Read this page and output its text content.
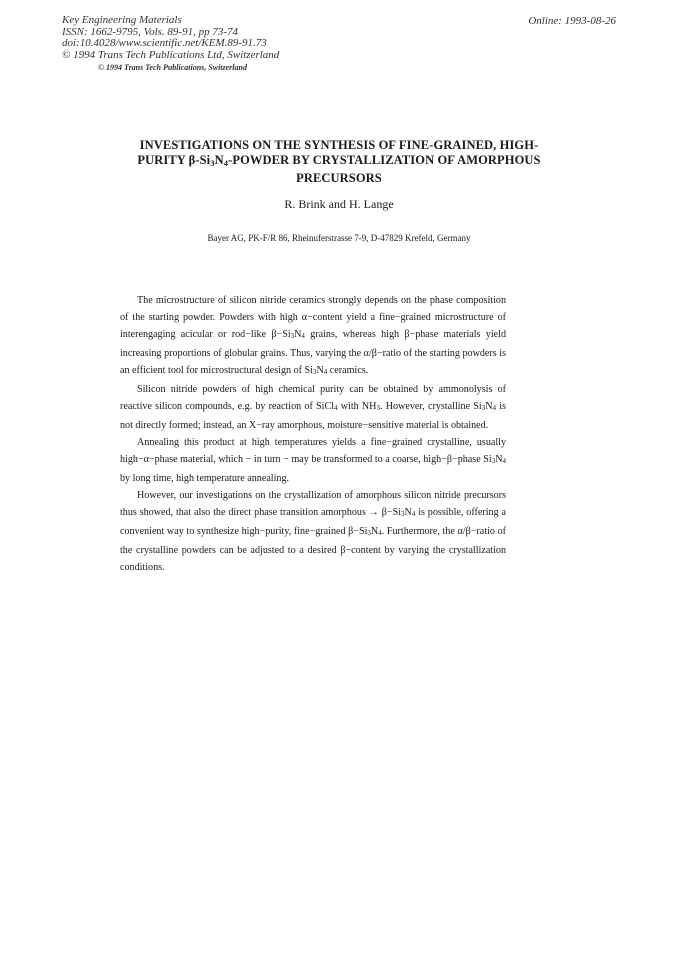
Key Engineering Materials
ISSN: 1662-9795, Vols. 89-91, pp 73-74
doi:10.4028/www.scientific.net/KEM.89-91.73
© 1994 Trans Tech Publications Ltd, Switzerland
© 1994 Trans Tech Publications, Switzerland
Online: 1993-08-26
INVESTIGATIONS ON THE SYNTHESIS OF FINE-GRAINED, HIGH-
PURITY $\beta-Si_3N_4$-POWDER BY CRYSTALLIZATION OF AMORPHOUS
PRECURSORS
R. Brink and H. Lange
Bayer AG, PK-F/R 86, Rheinuferstrasse 7-9, D-47829 Krefeld, Germany

The microstructure of silicon nitride ceramics strongly depends on the phase composition of the starting powder. Powders with high α−content yield a fine−grained microstructure of interengaging acicular or rod−like $\beta-Si_3N_4$ grains, whereas high β−phase materials yield increasing proportions of globular grains. Thus, varying the α/β−ratio of the starting powders is an efficient tool for microstructural design of $Si_3N_4$ ceramics.

Silicon nitride powders of high chemical purity can be obtained by ammonolysis of reactive silicon compounds, e.g. by reaction of SiCl$_4$ with $NH_3$. However, crystalline $Si_3N_4$ is not directly formed; instead, an X−ray amorphous, moisture−sensitive material is obtained.

Annealing this product at high temperatures yields a fine−grained crystalline, usually high−α−phase material, which − in turn − may be transformed to a coarse, high−β−phase $Si_3N_4$ by long time, high temperature annealing.

However, our investigations on the crystallization of amorphous silicon nitride precursors thus showed, that also the direct phase transition amorphous → $\beta-Si_3N_4$ is possible, offering a convenient way to synthesize high−purity, fine−grained $\beta-Si_3N_4$. Furthermore, the α/β−ratio of the crystalline powders can be adjusted to a desired β−content by varying the crystallization conditions.
